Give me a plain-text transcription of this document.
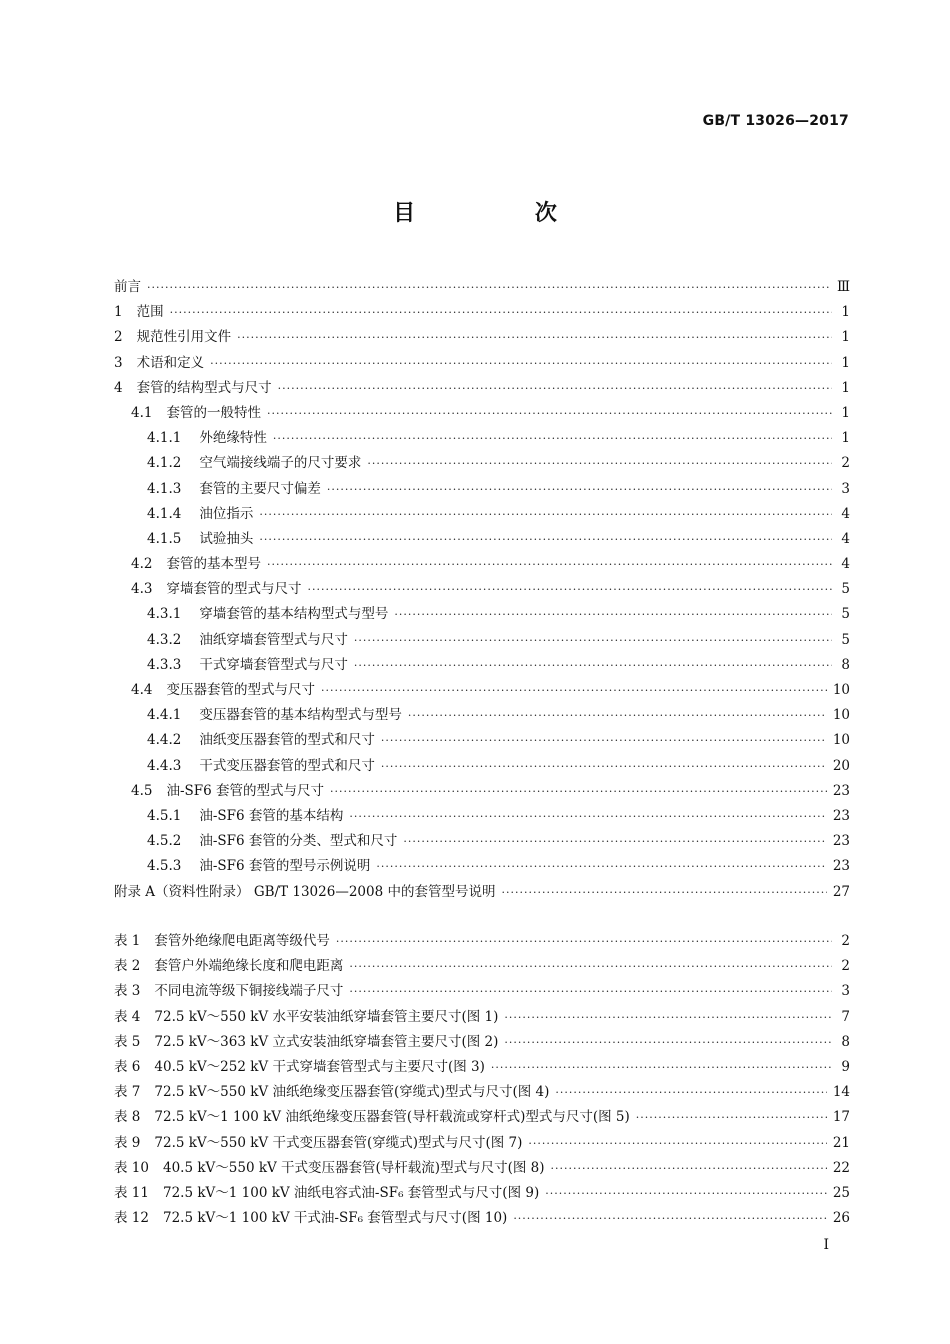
GB/T 13026—2017
目 次
前言 ·····	Ⅲ
1 范围 ·····	1
2 规范性引用文件 ·····	1
3 术语和定义 ·····	1
4 套管的结构型式与尺寸 ·····	1
4.1 套管的一般特性 ·····	1
4.1.1 外绝缘特性 ·····	1
4.1.2 空气端接线端子的尺寸要求 ·····	2
4.1.3 套管的主要尺寸偏差 ·····	3
4.1.4 油位指示 ·····	4
4.1.5 试验抽头 ·····	4
4.2 套管的基本型号 ·····	4
4.3 穿墙套管的型式与尺寸 ·····	5
4.3.1 穿墙套管的基本结构型式与型号 ·····	5
4.3.2 油纸穿墙套管型式与尺寸 ·····	5
4.3.3 干式穿墙套管型式与尺寸 ·····	8
4.4 变压器套管的型式与尺寸 ·····	10
4.4.1 变压器套管的基本结构型式与型号 ·····	10
4.4.2 油纸变压器套管的型式和尺寸 ·····	10
4.4.3 干式变压器套管的型式和尺寸 ·····	20
4.5 油-SF6 套管的型式与尺寸 ·····	23
4.5.1 油-SF6 套管的基本结构 ·····	23
4.5.2 油-SF6 套管的分类、型式和尺寸 ·····	23
4.5.3 油-SF6 套管的型号示例说明 ·····	23
附录 A（资料性附录） GB/T 13026—2008 中的套管型号说明 ·····	27
表 1 套管外绝缘爬电距离等级代号 ·····	2
表 2 套管户外端绝缘长度和爬电距离 ·····	2
表 3 不同电流等级下铜接线端子尺寸 ·····	3
表 4 72.5 kV～550 kV 水平安装油纸穿墙套管主要尺寸(图 1) ·····	7
表 5 72.5 kV～363 kV 立式安装油纸穿墙套管主要尺寸(图 2) ·····	8
表 6 40.5 kV～252 kV 干式穿墙套管型式与主要尺寸(图 3) ·····	9
表 7 72.5 kV～550 kV 油纸绝缘变压器套管(穿缆式)型式与尺寸(图 4) ·····	14
表 8 72.5 kV～1 100 kV 油纸绝缘变压器套管(导杆载流或穿杆式)型式与尺寸(图 5) ·····	17
表 9 72.5 kV～550 kV 干式变压器套管(穿缆式)型式与尺寸(图 7) ·····	21
表 10 40.5 kV～550 kV 干式变压器套管(导杆载流)型式与尺寸(图 8) ·····	22
表 11 72.5 kV～1 100 kV 油纸电容式油-SF₆ 套管型式与尺寸(图 9) ·····	25
表 12 72.5 kV～1 100 kV 干式油-SF₆ 套管型式与尺寸(图 10) ·····	26
I
